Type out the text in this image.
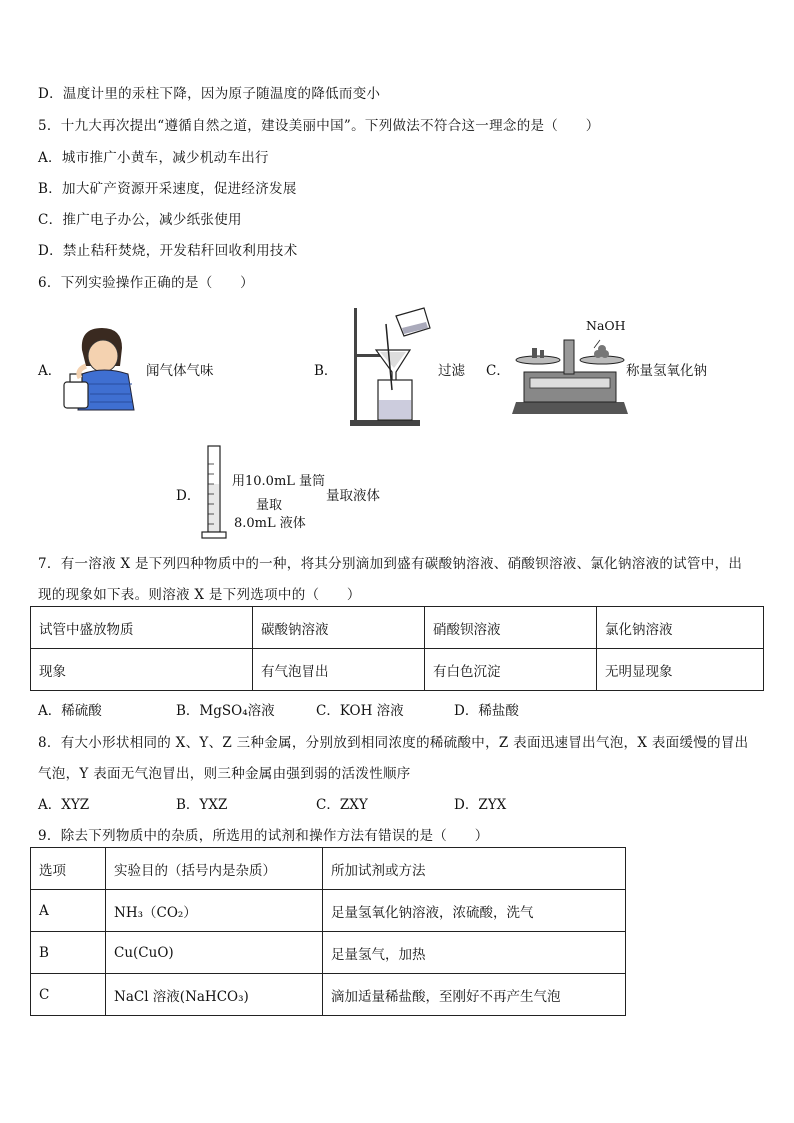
D．温度计里的汞柱下降，因为原子随温度的降低而变小
5．十九大再次提出“遵循自然之道，建设美丽中国”。下列做法不符合这一理念的是（　　）
A．城市推广小黄车，减少机动车出行
B．加大矿产资源开采速度，促进经济发展
C．推广电子办公，减少纸张使用
D．禁止秸秆焚烧，开发秸秆回收利用技术
6．下列实验操作正确的是（　　）
A．	闻气体气味	B．	过滤 C．
NaOH
称量氢氧化钠
D．
用10.0mL 量筒
量取
8.0mL 液体
量取液体
7．有一溶液 X 是下列四种物质中的一种，将其分别滴加到盛有碳酸钠溶液、硝酸钡溶液、氯化钠溶液的试管中，出
现的现象如下表。则溶液 X 是下列选项中的（　　）
试管中盛放物质	碳酸钠溶液	硝酸钡溶液	氯化钠溶液
现象	有气泡冒出	有白色沉淀	无明显现象
A．稀硫酸	B．MgSO₄溶液	C．KOH 溶液	D．稀盐酸
8．有大小形状相同的 X、Y、Z 三种金属，分别放到相同浓度的稀硫酸中，Z 表面迅速冒出气泡，X 表面缓慢的冒出
气泡，Y 表面无气泡冒出，则三种金属由强到弱的活泼性顺序
A．XYZ	B．YXZ	C．ZXY	D．ZYX
9．除去下列物质中的杂质，所选用的试剂和操作方法有错误的是（　　）
选项	实验目的（括号内是杂质）	所加试剂或方法
A	NH₃（CO₂）	足量氢氧化钠溶液，浓硫酸，洗气
B	Cu(CuO)	足量氢气，加热
C	NaCl 溶液(NaHCO₃)	滴加适量稀盐酸，至刚好不再产生气泡
